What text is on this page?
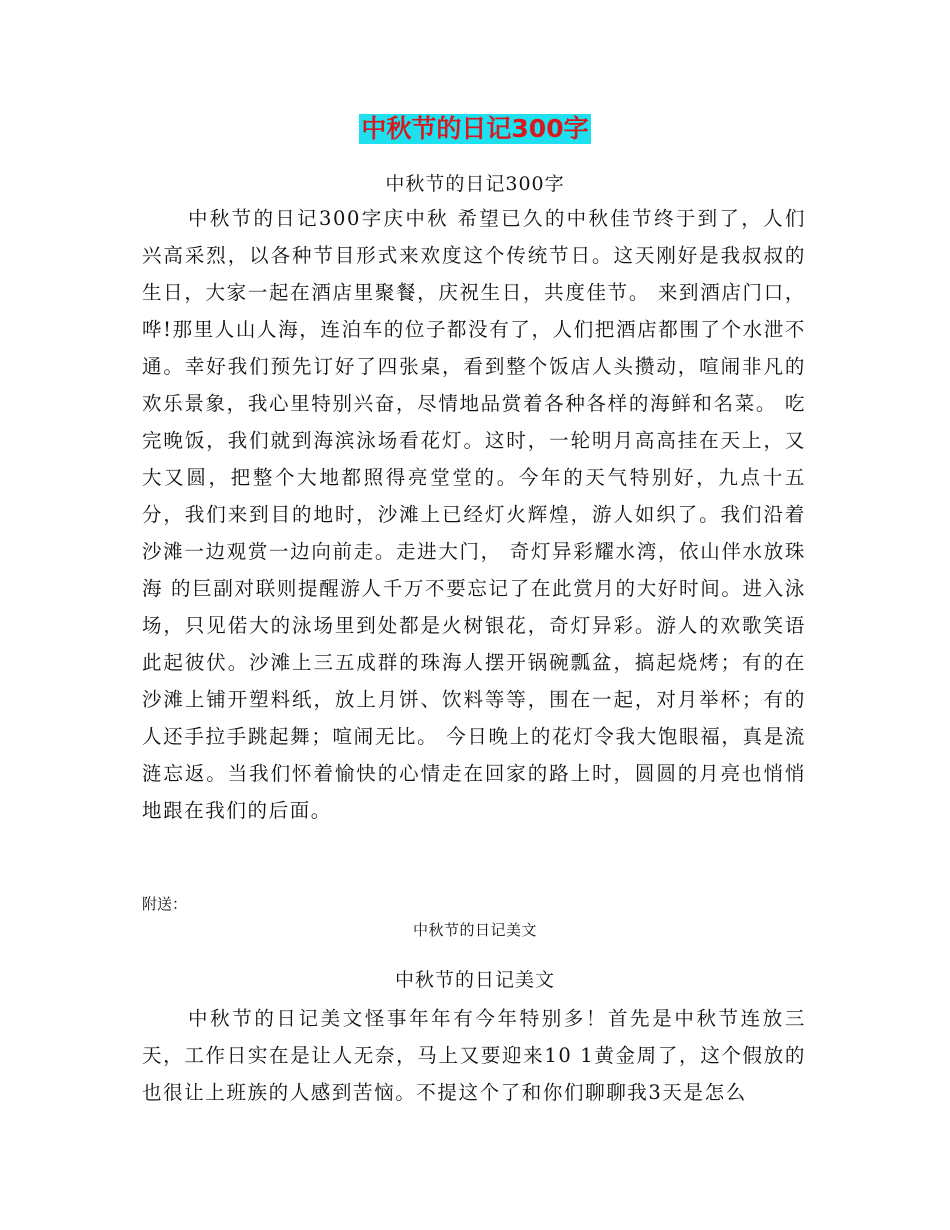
中秋节的日记300字
中秋节的日记300字

中秋节的日记300字庆中秋 希望已久的中秋佳节终于到了，人们兴高采烈，以各种节目形式来欢度这个传统节日。这天刚好是我叔叔的生日，大家一起在酒店里聚餐，庆祝生日，共度佳节。 来到酒店门口，哗!那里人山人海，连泊车的位子都没有了，人们把酒店都围了个水泄不通。幸好我们预先订好了四张桌，看到整个饭店人头攒动，喧闹非凡的欢乐景象，我心里特别兴奋，尽情地品赏着各种各样的海鲜和名菜。 吃完晚饭，我们就到海滨泳场看花灯。这时，一轮明月高高挂在天上，又大又圆，把整个大地都照得亮堂堂的。今年的天气特别好，九点十五分，我们来到目的地时，沙滩上已经灯火辉煌，游人如织了。我们沿着沙滩一边观赏一边向前走。走进大门， 奇灯异彩耀水湾，依山伴水放珠海 的巨副对联则提醒游人千万不要忘记了在此赏月的大好时间。进入泳场，只见偌大的泳场里到处都是火树银花，奇灯异彩。游人的欢歌笑语此起彼伏。沙滩上三五成群的珠海人摆开锅碗瓢盆，搞起烧烤；有的在沙滩上铺开塑料纸，放上月饼、饮料等等，围在一起，对月举杯；有的人还手拉手跳起舞；喧闹无比。 今日晚上的花灯令我大饱眼福，真是流涟忘返。当我们怀着愉快的心情走在回家的路上时，圆圆的月亮也悄悄地跟在我们的后面。

附送：
中秋节的日记美文
中秋节的日记美文

中秋节的日记美文怪事年年有今年特别多！首先是中秋节连放三天，工作日实在是让人无奈，马上又要迎来10 1黄金周了，这个假放的也很让上班族的人感到苦恼。不提这个了和你们聊聊我3天是怎么
